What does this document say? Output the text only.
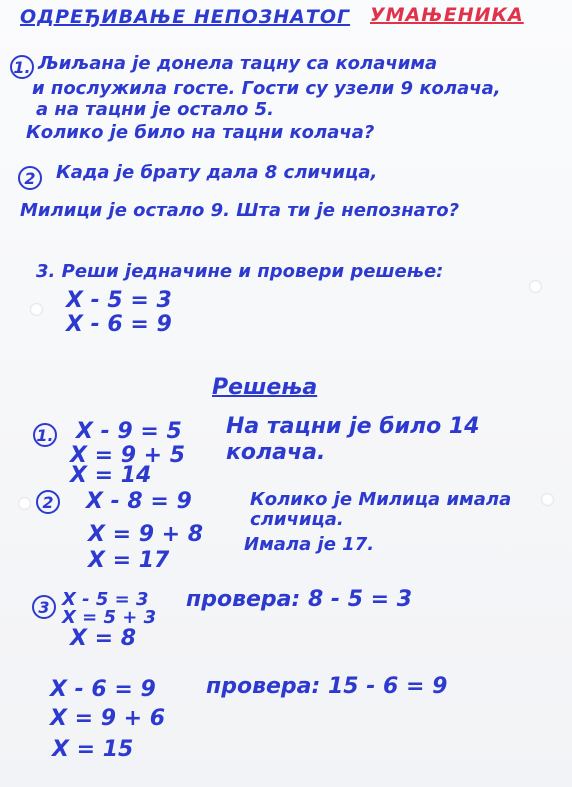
ОДРЕЂИВАЊЕ НЕПОЗНАТОГ УМАЊЕНИКА
1. Љиљана је донела тацну са колачима
и послужила госте. Гости су узели 9 колача,
а на тацни је остало 5.
Колико је било на тацни колача?
2	Када је брату дала 8 сличица,
Милици је остало 9. Шта ти је непознато?
3. Реши једначине и провери решење:
X - 5 = 3
X - 6 = 9
Решења
1. X - 9 = 5
X = 9 + 5
X = 14
На тацни је било 14
колача.
2 X - 8 = 9
X = 9 + 8
X = 17
Колико је Милица имала
сличица.
Имала је 17.
3 X - 5 = 3
X = 5 + 3
X = 8
провера: 8 - 5 = 3
X - 6 = 9
X = 9 + 6
X = 15
провера: 15 - 6 = 9
